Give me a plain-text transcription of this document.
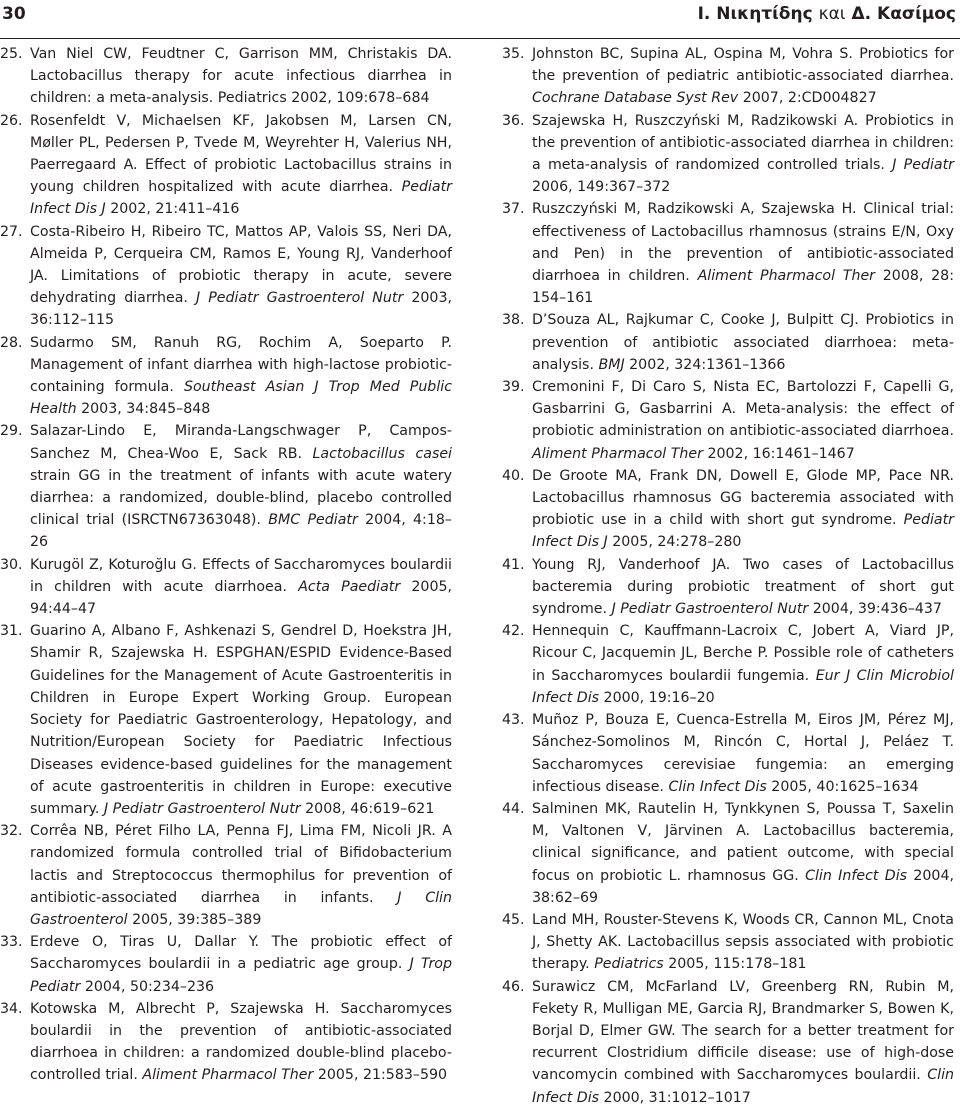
30	Ι. Νικητίδης και Δ. Κασίμος

25. Van Niel CW, Feudtner C, Garrison MM, Christakis DA. Lactobacillus therapy for acute infectious diarrhea in children: a meta-analysis. Pediatrics 2002, 109:678–684

26. Rosenfeldt V, Michaelsen KF, Jakobsen M, Larsen CN, Møller PL, Pedersen P, Tvede M, Weyrehter H, Valerius NH, Paerregaard A. Effect of probiotic Lactobacillus strains in young children hospitalized with acute diarrhea. Pediatr Infect Dis J 2002, 21:411–416

27. Costa-Ribeiro H, Ribeiro TC, Mattos AP, Valois SS, Neri DA, Almeida P, Cerqueira CM, Ramos E, Young RJ, Vanderhoof JA. Limitations of probiotic therapy in acute, severe dehydrating diarrhea. J Pediatr Gastroenterol Nutr 2003, 36:112–115

28. Sudarmo SM, Ranuh RG, Rochim A, Soeparto P. Management of infant diarrhea with high-lactose probiotic-containing formula. Southeast Asian J Trop Med Public Health 2003, 34:845–848

29. Salazar-Lindo E, Miranda-Langschwager P, Campos-Sanchez M, Chea-Woo E, Sack RB. Lactobacillus casei strain GG in the treatment of infants with acute watery diarrhea: a randomized, double-blind, placebo controlled clinical trial (ISRCTN67363048). BMC Pediatr 2004, 4:18–26

30. Kurugöl Z, Koturoğlu G. Effects of Saccharomyces boulardii in children with acute diarrhoea. Acta Paediatr 2005, 94:44–47

31. Guarino A, Albano F, Ashkenazi S, Gendrel D, Hoekstra JH, Shamir R, Szajewska H. ESPGHAN/ESPID Evidence-Based Guidelines for the Management of Acute Gastroenteritis in Children in Europe Expert Working Group. European Society for Paediatric Gastroenterology, Hepatology, and Nutrition/European Society for Paediatric Infectious Diseases evidence-based guidelines for the management of acute gastroenteritis in children in Europe: executive summary. J Pediatr Gastroenterol Nutr 2008, 46:619–621

32. Corrêa NB, Péret Filho LA, Penna FJ, Lima FM, Nicoli JR. A randomized formula controlled trial of Bifidobacterium lactis and Streptococcus thermophilus for prevention of antibiotic-associated diarrhea in infants. J Clin Gastroenterol 2005, 39:385–389

33. Erdeve O, Tiras U, Dallar Y. The probiotic effect of Saccharomyces boulardii in a pediatric age group. J Trop Pediatr 2004, 50:234–236

34. Kotowska M, Albrecht P, Szajewska H. Saccharomyces boulardii in the prevention of antibiotic-associated diarrhoea in children: a randomized double-blind placebo-controlled trial. Aliment Pharmacol Ther 2005, 21:583–590

35. Johnston BC, Supina AL, Ospina M, Vohra S. Probiotics for the prevention of pediatric antibiotic-associated diarrhea. Cochrane Database Syst Rev 2007, 2:CD004827

36. Szajewska H, Ruszczyński M, Radzikowski A. Probiotics in the prevention of antibiotic-associated diarrhea in children: a meta-analysis of randomized controlled trials. J Pediatr 2006, 149:367–372

37. Ruszczyński M, Radzikowski A, Szajewska H. Clinical trial: effectiveness of Lactobacillus rhamnosus (strains E/N, Oxy and Pen) in the prevention of antibiotic-associated diarrhoea in children. Aliment Pharmacol Ther 2008, 28: 154–161

38. D’Souza AL, Rajkumar C, Cooke J, Bulpitt CJ. Probiotics in prevention of antibiotic associated diarrhoea: meta-analysis. BMJ 2002, 324:1361–1366

39. Cremonini F, Di Caro S, Nista EC, Bartolozzi F, Capelli G, Gasbarrini G, Gasbarrini A. Meta-analysis: the effect of probiotic administration on antibiotic-associated diarrhoea. Aliment Pharmacol Ther 2002, 16:1461–1467

40. De Groote MA, Frank DN, Dowell E, Glode MP, Pace NR. Lactobacillus rhamnosus GG bacteremia associated with probiotic use in a child with short gut syndrome. Pediatr Infect Dis J 2005, 24:278–280

41. Young RJ, Vanderhoof JA. Two cases of Lactobacillus bacteremia during probiotic treatment of short gut syndrome. J Pediatr Gastroenterol Nutr 2004, 39:436–437

42. Hennequin C, Kauffmann-Lacroix C, Jobert A, Viard JP, Ricour C, Jacquemin JL, Berche P. Possible role of catheters in Saccharomyces boulardii fungemia. Eur J Clin Microbiol Infect Dis 2000, 19:16–20

43. Muñoz P, Bouza E, Cuenca-Estrella M, Eiros JM, Pérez MJ, Sánchez-Somolinos M, Rincón C, Hortal J, Peláez T. Saccharomyces cerevisiae fungemia: an emerging infectious disease. Clin Infect Dis 2005, 40:1625–1634

44. Salminen MK, Rautelin H, Tynkkynen S, Poussa T, Saxelin M, Valtonen V, Järvinen A. Lactobacillus bacteremia, clinical significance, and patient outcome, with special focus on probiotic L. rhamnosus GG. Clin Infect Dis 2004, 38:62–69

45. Land MH, Rouster-Stevens K, Woods CR, Cannon ML, Cnota J, Shetty AK. Lactobacillus sepsis associated with probiotic therapy. Pediatrics 2005, 115:178–181

46. Surawicz CM, McFarland LV, Greenberg RN, Rubin M, Fekety R, Mulligan ME, Garcia RJ, Brandmarker S, Bowen K, Borjal D, Elmer GW. The search for a better treatment for recurrent Clostridium difficile disease: use of high-dose vancomycin combined with Saccharomyces boulardii. Clin Infect Dis 2000, 31:1012–1017
